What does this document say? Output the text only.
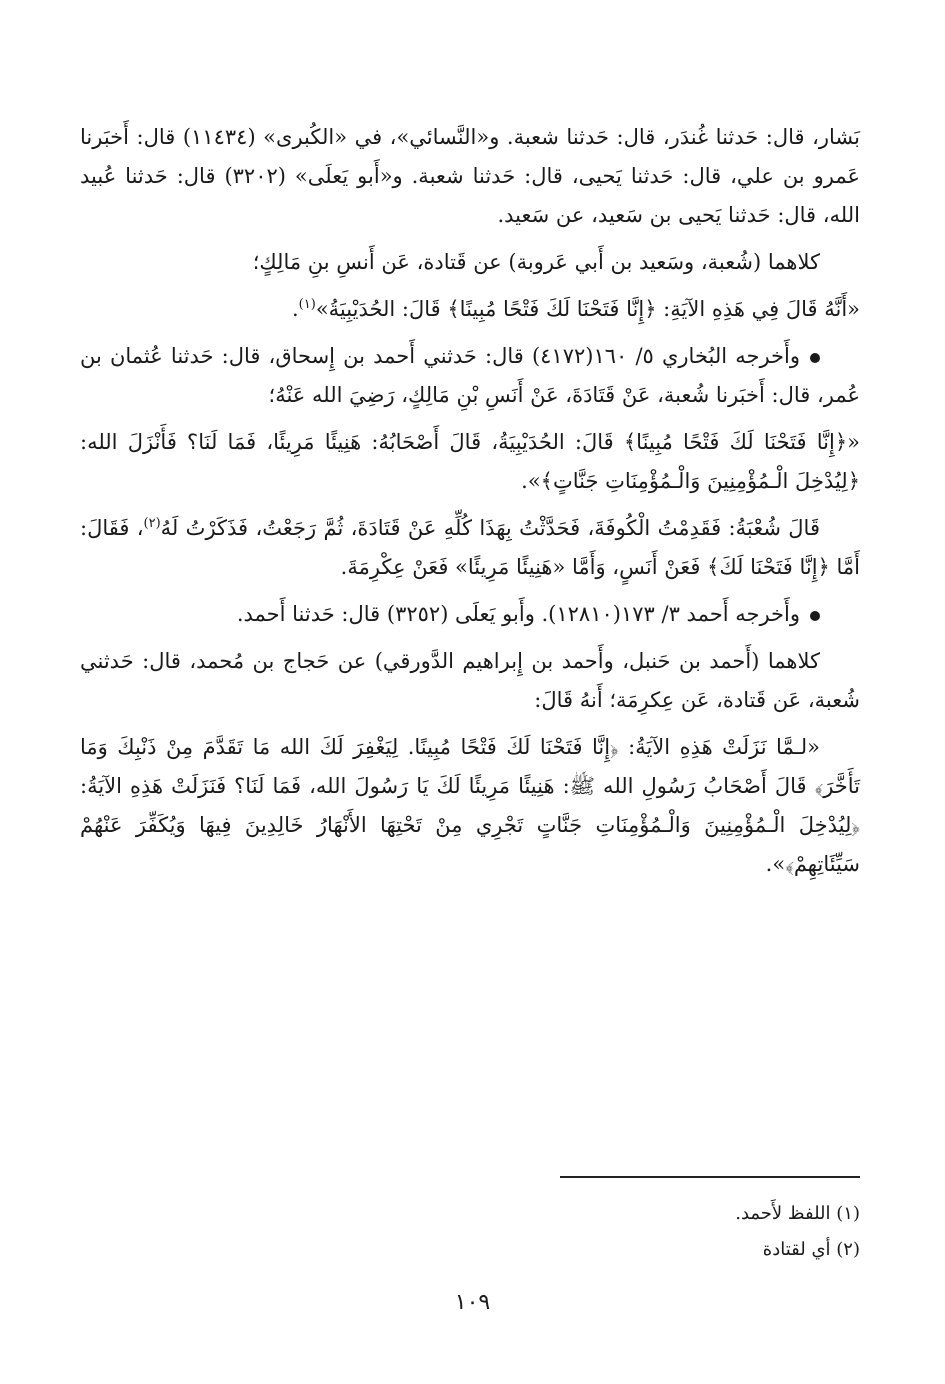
بَشار، قال: حَدثنا غُندَر، قال: حَدثنا شعبة. و«النَّسائي»، في «الكُبرى» (١١٤٣٤) قال: أَخبَرنا عَمرو بن علي، قال: حَدثنا يَحيى، قال: حَدثنا شعبة. و«أَبو يَعلَى» (٣٢٠٢) قال: حَدثنا عُبيد الله، قال: حَدثنا يَحيى بن سَعيد، عن سَعيد.

كلاهما (شُعبة، وسَعيد بن أَبي عَروبة) عن قَتادة، عَن أَنسِ بنِ مَالِكٍ؛

«أَنَّهُ قَالَ فِي هَذِهِ الآيَةِ: ﴿إِنَّا فَتَحْنَا لَكَ فَتْحًا مُبِينًا﴾ قَالَ: الحُدَيْبِيَةُ»$^{(١)}$.

وأَخرجه البُخاري ٥/ ١٦٠(٤١٧٢) قال: حَدثني أَحمد بن إِسحاق، قال: حَدثنا عُثمان بن عُمر، قال: أَخبَرنا شُعبة، عَنْ قَتَادَةَ، عَنْ أَنَسِ بْنِ مَالِكٍ، رَضِيَ الله عَنْهُ؛

«﴿إِنَّا فَتَحْنَا لَكَ فَتْحًا مُبِينًا﴾ قَالَ: الحُدَيْبِيَةُ، قَالَ أَصْحَابُهُ: هَنِيئًا مَرِيئًا، فَمَا لَنَا؟ فَأَنْزَلَ الله: ﴿لِيُدْخِلَ الْـمُؤْمِنِينَ وَالْـمُؤْمِنَاتِ جَنَّاتٍ﴾».

قَالَ شُعْبَةُ: فَقَدِمْتُ الْكُوفَةَ، فَحَدَّثْتُ بِهَذَا كُلِّهِ عَنْ قَتَادَةَ، ثُمَّ رَجَعْتُ، فَذَكَرْتُ لَهُ$^{(٢)}$، فَقَالَ: أَمَّا ﴿إِنَّا فَتَحْنَا لَكَ﴾ فَعَنْ أَنَسٍ، وَأَمَّا «هَنِيئًا مَرِيئًا» فَعَنْ عِكْرِمَةَ.

وأَخرجه أَحمد ٣/ ١٧٣(١٢٨١٠). وأَبو يَعلَى (٣٢٥٢) قال: حَدثنا أَحمد.

كلاهما (أَحمد بن حَنبل، وأَحمد بن إِبراهيم الدَّورقي) عن حَجاج بن مُحمد، قال: حَدثني شُعبة، عَن قَتادة، عَن عِكرِمَة؛ أَنهُ قَالَ:

«لـمَّا نَزَلَتْ هَذِهِ الآيَةُ: ﴿إِنَّا فَتَحْنَا لَكَ فَتْحًا مُبِينًا. لِيَغْفِرَ لَكَ الله مَا تَقَدَّمَ مِنْ ذَنْبِكَ وَمَا تَأَخَّرَ﴾ قَالَ أَصْحَابُ رَسُولِ الله ﷺ: هَنِيئًا مَرِيئًا لَكَ يَا رَسُولَ الله، فَمَا لَنَا؟ فَنَزَلَتْ هَذِهِ الآيَةُ: ﴿لِيُدْخِلَ الْـمُؤْمِنِينَ وَالْـمُؤْمِنَاتِ جَنَّاتٍ تَجْرِي مِنْ تَحْتِهَا الأَنْهَارُ خَالِدِينَ فِيهَا وَيُكَفِّرَ عَنْهُمْ سَيِّئَاتِهِمْ﴾».

(١) اللفظ لأَحمد.
(٢) أي لقتادة
١٠٩
